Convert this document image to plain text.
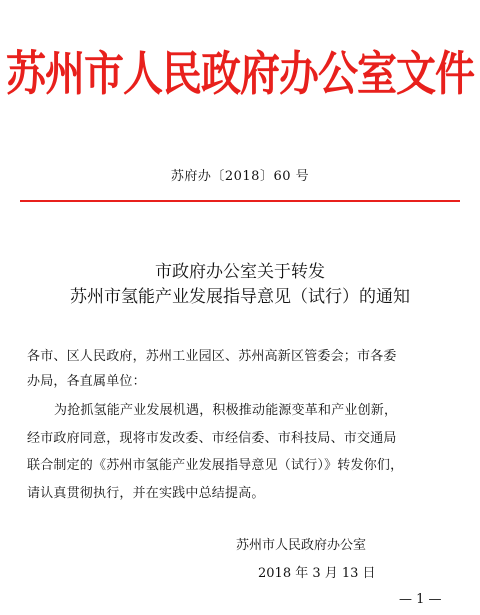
苏州市人民政府办公室文件
苏府办〔2018〕60 号
市政府办公室关于转发
苏州市氢能产业发展指导意见（试行）的通知
各市、区人民政府，苏州工业园区、苏州高新区管委会；市各委
办局，各直属单位：
为抢抓氢能产业发展机遇，积极推动能源变革和产业创新，
经市政府同意，现将市发改委、市经信委、市科技局、市交通局
联合制定的《苏州市氢能产业发展指导意见（试行）》转发你们，
请认真贯彻执行，并在实践中总结提高。
苏州市人民政府办公室
2018 年 3 月 13 日
— 1 —
